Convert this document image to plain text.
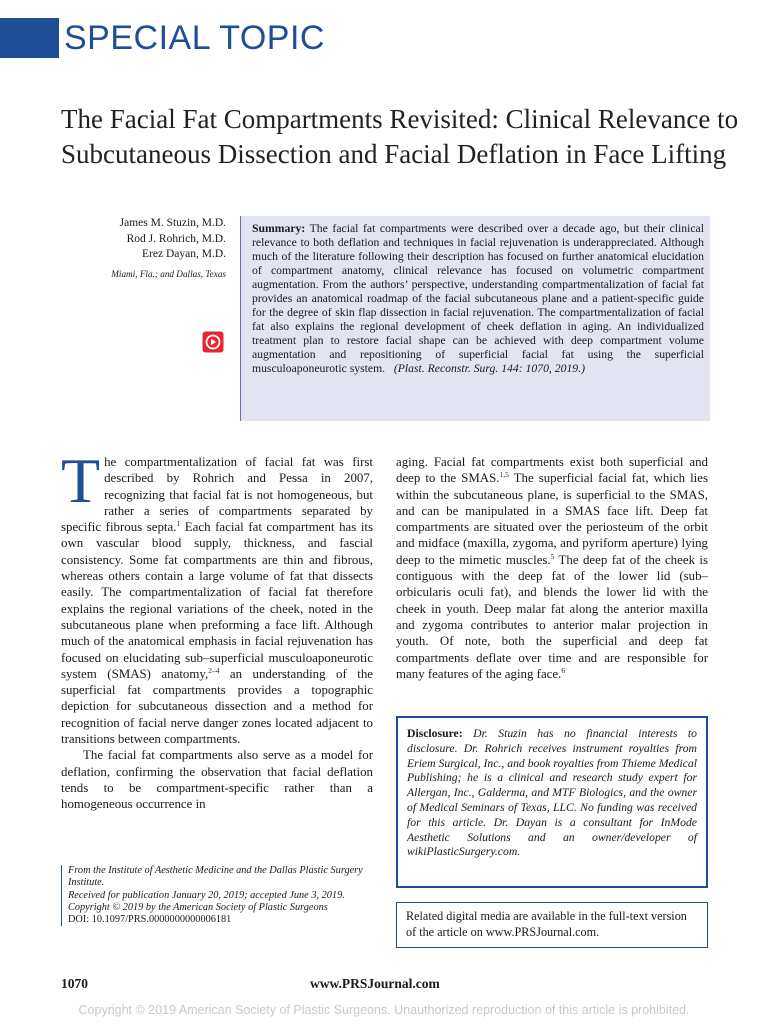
SPECIAL TOPIC
The Facial Fat Compartments Revisited: Clinical Relevance to Subcutaneous Dissection and Facial Deflation in Face Lifting
James M. Stuzin, M.D.
Rod J. Rohrich, M.D.
Erez Dayan, M.D.
Miami, Fla.; and Dallas, Texas
Summary: The facial fat compartments were described over a decade ago, but their clinical relevance to both deflation and techniques in facial rejuvenation is underappreciated. Although much of the literature following their description has focused on further anatomical elucidation of compartment anatomy, clinical relevance has focused on volumetric compartment augmentation. From the authors’ perspective, understanding compartmentalization of facial fat provides an anatomical roadmap of the facial subcutaneous plane and a patient-specific guide for the degree of skin flap dissection in facial rejuvenation. The compartmentalization of facial fat also explains the regional development of cheek deflation in aging. An individualized treatment plan to restore facial shape can be achieved with deep compartment volume augmentation and repositioning of superficial facial fat using the superficial musculoaponeurotic system. (Plast. Reconstr. Surg. 144: 1070, 2019.)

The compartmentalization of facial fat was first described by Rohrich and Pessa in 2007, recognizing that facial fat is not homogeneous, but rather a series of compartments separated by specific fibrous septa.$^1$ Each facial fat compartment has its own vascular blood supply, thickness, and fascial consistency. Some fat compartments are thin and fibrous, whereas others contain a large volume of fat that dissects easily. The compartmentalization of facial fat therefore explains the regional variations of the cheek, noted in the subcutaneous plane when preforming a face lift. Although much of the anatomical emphasis in facial rejuvenation has focused on elucidating sub–superficial musculoaponeurotic system (SMAS) anatomy,$^{2-4}$ an understanding of the superficial fat compartments provides a topographic depiction for subcutaneous dissection and a method for recognition of facial nerve danger zones located adjacent to transitions between compartments.

The facial fat compartments also serve as a model for deflation, confirming the observation that facial deflation tends to be compartment-specific rather than a homogeneous occurrence in

aging. Facial fat compartments exist both superficial and deep to the SMAS.$^{1,5}$ The superficial facial fat, which lies within the subcutaneous plane, is superficial to the SMAS, and can be manipulated in a SMAS face lift. Deep fat compartments are situated over the periosteum of the orbit and midface (maxilla, zygoma, and pyriform aperture) lying deep to the mimetic muscles.$^5$ The deep fat of the cheek is contiguous with the deep fat of the lower lid (sub–orbicularis oculi fat), and blends the lower lid with the cheek in youth. Deep malar fat along the anterior maxilla and zygoma contributes to anterior malar projection in youth. Of note, both the superficial and deep fat compartments deflate over time and are responsible for many features of the aging face.$^6$

Disclosure: Dr. Stuzin has no financial interests to disclosure. Dr. Rohrich receives instrument royalties from Eriem Surgical, Inc., and book royalties from Thieme Medical Publishing; he is a clinical and research study expert for Allergan, Inc., Galderma, and MTF Biologics, and the owner of Medical Seminars of Texas, LLC. No funding was received for this article. Dr. Dayan is a consultant for InMode Aesthetic Solutions and an owner/developer of wikiPlasticSurgery.com.
Related digital media are available in the full-text version of the article on www.PRSJournal.com.
From the Institute of Aesthetic Medicine and the Dallas Plastic Surgery Institute.
Received for publication January 20, 2019; accepted June 3, 2019.
Copyright © 2019 by the American Society of Plastic Surgeons
DOI: 10.1097/PRS.0000000000006181
1070	www.PRSJournal.com
Copyright © 2019 American Society of Plastic Surgeons. Unauthorized reproduction of this article is prohibited.
